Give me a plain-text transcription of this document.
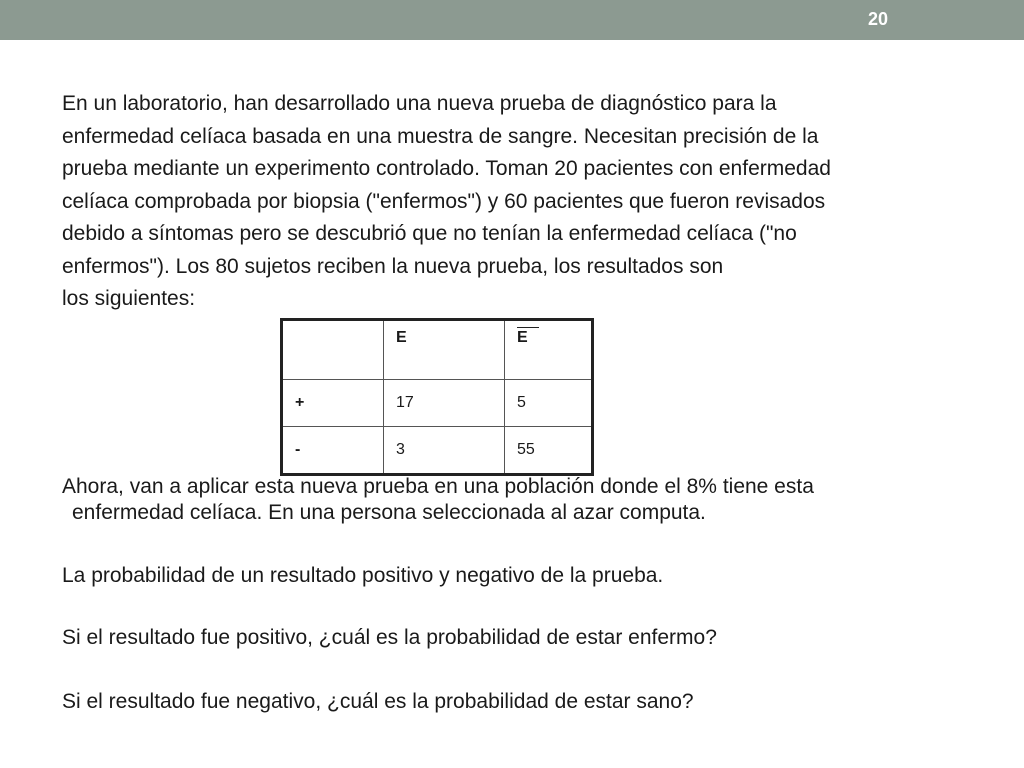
20

En un laboratorio, han desarrollado una nueva prueba de diagnóstico para la
enfermedad celíaca basada en una muestra de sangre. Necesitan precisión de la
prueba mediante un experimento controlado. Toman 20 pacientes con enfermedad
celíaca comprobada por biopsia ("enfermos") y 60 pacientes que fueron revisados
debido a síntomas pero se descubrió que no tenían la enfermedad celíaca ("no
enfermos"). Los 80 sujetos reciben la nueva prueba, los resultados son
los siguientes:

	E	E
+	17	5
-	3	55

Ahora, van a aplicar esta nueva prueba en una población donde el 8% tiene esta
enfermedad celíaca. En una persona seleccionada al azar computa.

La probabilidad de un resultado positivo y negativo de la prueba.

Si el resultado fue positivo, ¿cuál es la probabilidad de estar enfermo?

Si el resultado fue negativo, ¿cuál es la probabilidad de estar sano?
